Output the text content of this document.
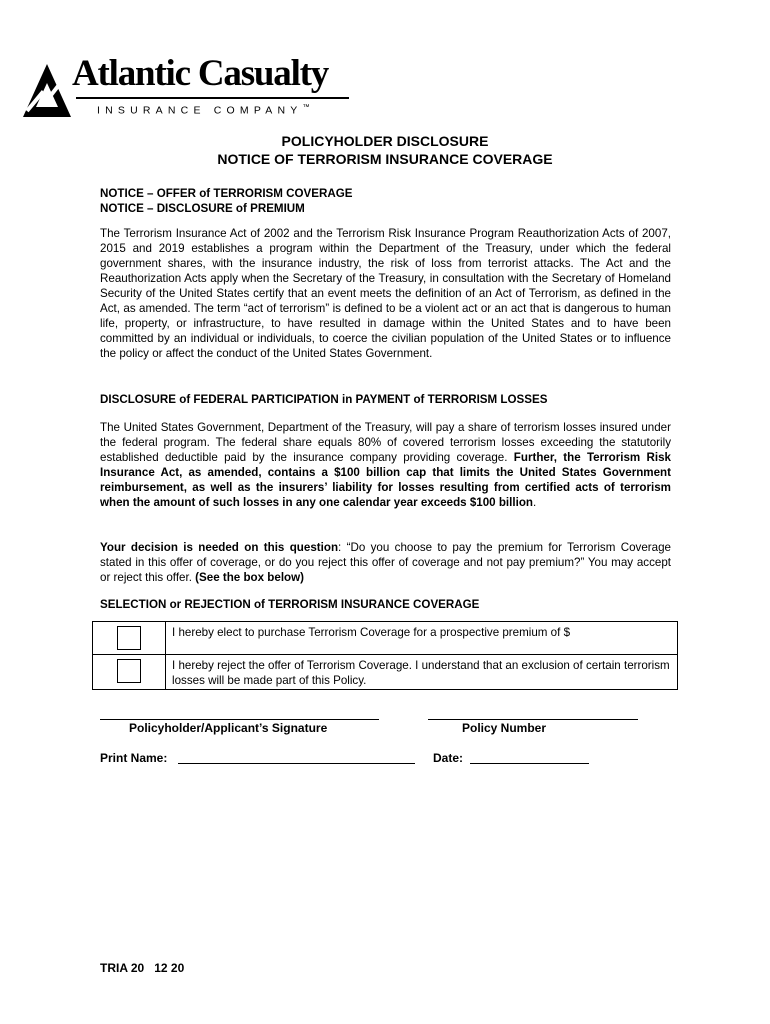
Atlantic Casualty
INSURANCE COMPANY™
POLICYHOLDER DISCLOSURE
NOTICE OF TERRORISM INSURANCE COVERAGE
NOTICE – OFFER of TERRORISM COVERAGE
NOTICE – DISCLOSURE of PREMIUM

The Terrorism Insurance Act of 2002 and the Terrorism Risk Insurance Program Reauthorization Acts of 2007, 2015 and 2019 establishes a program within the Department of the Treasury, under which the federal government shares, with the insurance industry, the risk of loss from terrorist attacks. The Act and the Reauthorization Acts apply when the Secretary of the Treasury, in consultation with the Secretary of Homeland Security of the United States certify that an event meets the definition of an Act of Terrorism, as defined in the Act, as amended. The term “act of terrorism” is defined to be a violent act or an act that is dangerous to human life, property, or infrastructure, to have resulted in damage within the United States and to have been committed by an individual or individuals, to coerce the civilian population of the United States or to influence the policy or affect the conduct of the United States Government.

DISCLOSURE of FEDERAL PARTICIPATION in PAYMENT of TERRORISM LOSSES

The United States Government, Department of the Treasury, will pay a share of terrorism losses insured under the federal program. The federal share equals 80% of covered terrorism losses exceeding the statutorily established deductible paid by the insurance company providing coverage. Further, the Terrorism Risk Insurance Act, as amended, contains a $100 billion cap that limits the United States Government reimbursement, as well as the insurers’ liability for losses resulting from certified acts of terrorism when the amount of such losses in any one calendar year exceeds $100 billion.

Your decision is needed on this question: “Do you choose to pay the premium for Terrorism Coverage stated in this offer of coverage, or do you reject this offer of coverage and not pay premium?” You may accept or reject this offer. (See the box below)

SELECTION or REJECTION of TERRORISM INSURANCE COVERAGE
	I hereby elect to purchase Terrorism Coverage for a prospective premium of $
	I hereby reject the offer of Terrorism Coverage. I understand that an exclusion of certain terrorism losses will be made part of this Policy.
Policyholder/Applicant’s Signature	Policy Number
Print Name:	Date:
TRIA 20   12 20
